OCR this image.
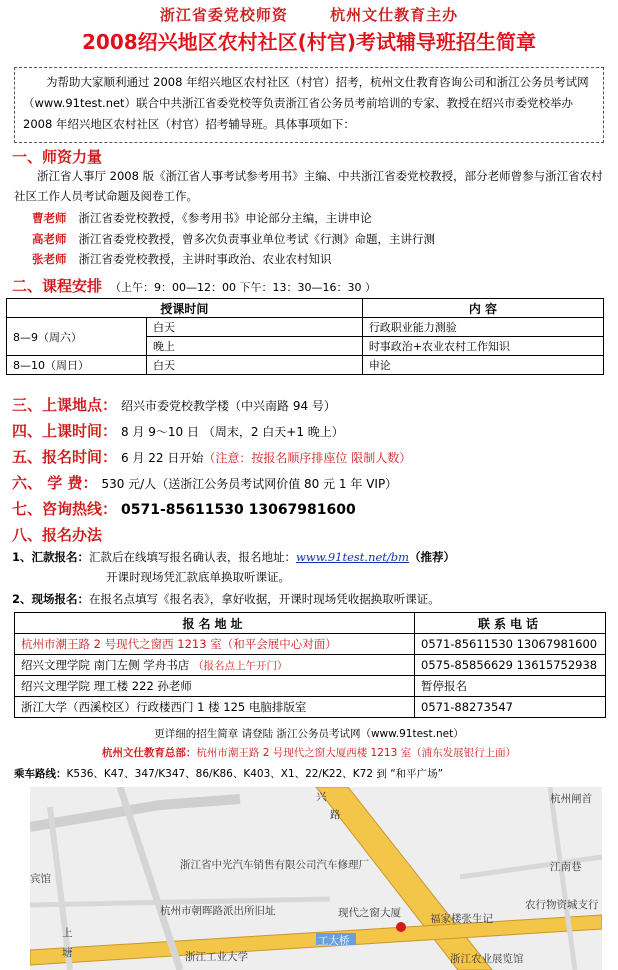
浙江省委党校师资	杭州文仕教育主办
2008绍兴地区农村社区(村官)考试辅导班招生简章

为帮助大家顺利通过 2008 年绍兴地区农村社区（村官）招考，杭州文仕教育咨询公司和浙江公务员考试网（www.91test.net）联合中共浙江省委党校等负责浙江省公务员考前培训的专家、教授在绍兴市委党校举办 2008 年绍兴地区农村社区（村官）招考辅导班。具体事项如下：

一、师资力量
浙江省人事厅 2008 版《浙江省人事考试参考用书》主编、中共浙江省委党校教授，部分老师曾参与浙江省农村社区工作人员考试命题及阅卷工作。
曹老师 浙江省委党校教授，《参考用书》申论部分主编，主讲申论
高老师 浙江省委党校教授，曾多次负责事业单位考试《行测》命题，主讲行测
张老师 浙江省委党校教授，主讲时事政治、农业农村知识
二、课程安排 （上午：9：00—12：00 下午：13：30—16：30 ）
授课时间		内 容
8—9（周六）	白天	行政职业能力测验
	晚上	时事政治+农业农村工作知识
8—10（周日）	白天	申论
三、上课地点： 绍兴市委党校教学楼（中兴南路 94 号）
四、上课时间： 8 月 9～10 日 （周末，2 白天+1 晚上）
五、报名时间： 6 月 22 日开始（注意：按报名顺序排座位 限制人数）
六、 学 费： 530 元/人（送浙江公务员考试网价值 80 元 1 年 VIP）
七、咨询热线： 0571-85611530 13067981600
八、报名办法
1、汇款报名：汇款后在线填写报名确认表，报名地址：www.91test.net/bm（推荐）
开课时现场凭汇款底单换取听课证。
2、现场报名：在报名点填写《报名表》，拿好收据，开课时现场凭收据换取听课证。
报名地址	联系电话
杭州市潮王路 2 号现代之窗西 1213 室（和平会展中心对面）	0571-85611530 13067981600
绍兴文理学院 南门左侧 学舟书店 （报名点上午开门）	0575-85856629 13615752938
绍兴文理学院 理工楼 222 孙老师	暂停报名
浙江大学（西溪校区）行政楼西门 1 楼 125 电脑排版室	0571-88273547
更详细的招生简章 请登陆 浙江公务员考试网（www.91test.net）
杭州文仕教育总部：杭州市潮王路 2 号现代之窗大厦西楼 1213 室（浦东发展银行上面）
乘车路线：K536、K47、347/K347、86/K86、K403、X1、22/K22、K72 到 “和平广场”
兴
路
杭州闸首
浙江省中光汽车销售有限公司汽车修理厂	江南巷
宾馆
杭州市朝晖路派出所旧址	现代之窗大厦	福家楼张生记
农行物资城支行
上
塘	浙江工业大学
工大桥
浙江农业展览馆
